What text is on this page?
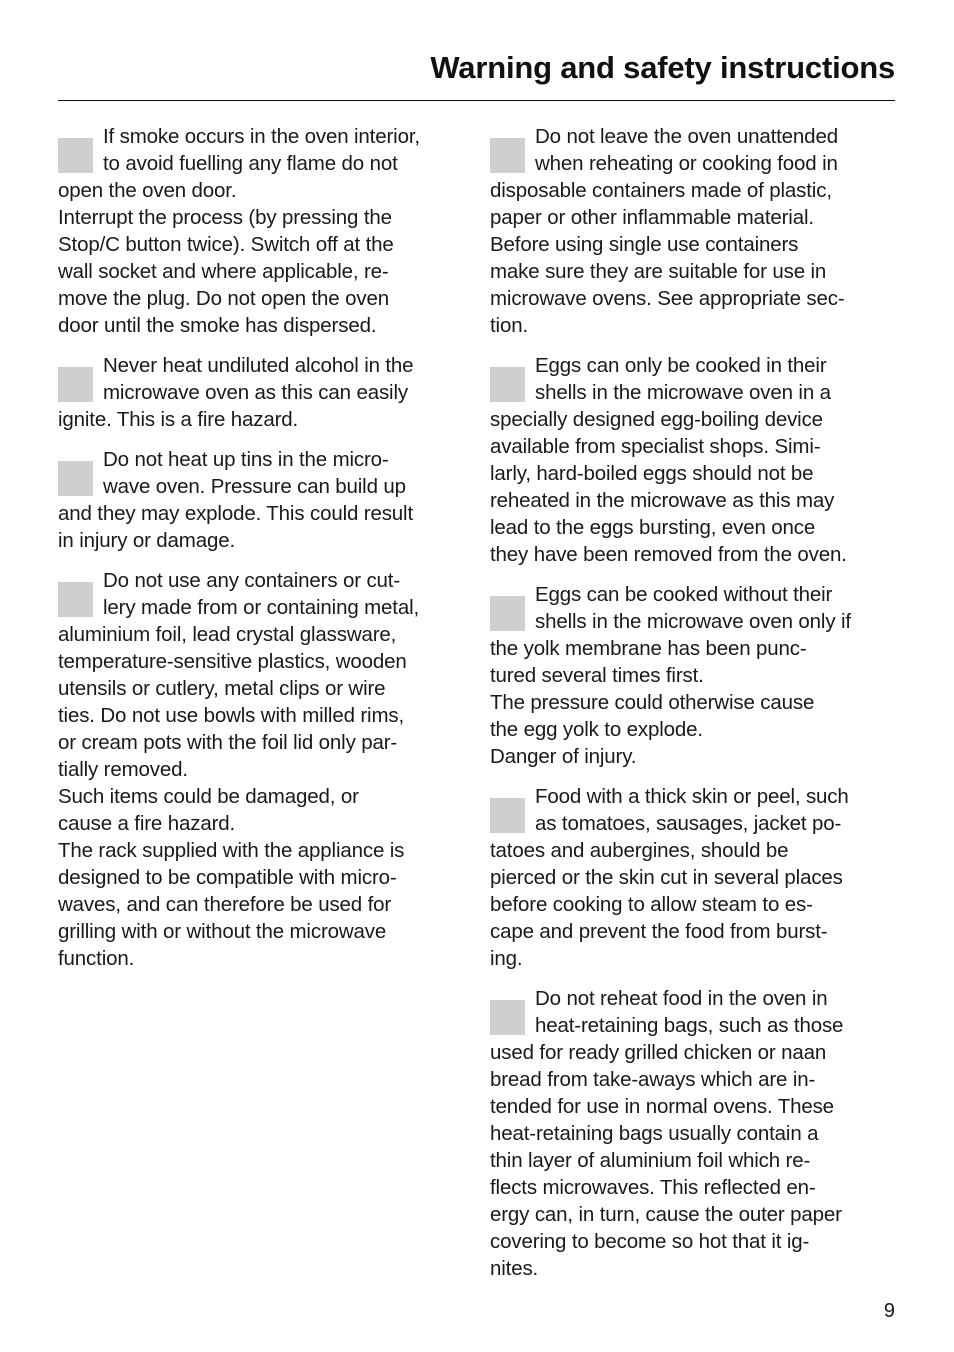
Warning and safety instructions
If smoke occurs in the oven interior,
to avoid fuelling any flame do not
open the oven door.
Interrupt the process (by pressing the
Stop/C button twice). Switch off at the
wall socket and where applicable, re-
move the plug. Do not open the oven
door until the smoke has dispersed.
Never heat undiluted alcohol in the
microwave oven as this can easily
ignite. This is a fire hazard.
Do not heat up tins in the micro-
wave oven. Pressure can build up
and they may explode. This could result
in injury or damage.
Do not use any containers or cut-
lery made from or containing metal,
aluminium foil, lead crystal glassware,
temperature-sensitive plastics, wooden
utensils or cutlery, metal clips or wire
ties. Do not use bowls with milled rims,
or cream pots with the foil lid only par-
tially removed.
Such items could be damaged, or
cause a fire hazard.
The rack supplied with the appliance is
designed to be compatible with micro-
waves, and can therefore be used for
grilling with or without the microwave
function.
Do not leave the oven unattended
when reheating or cooking food in
disposable containers made of plastic,
paper or other inflammable material.
Before using single use containers
make sure they are suitable for use in
microwave ovens. See appropriate sec-
tion.
Eggs can only be cooked in their
shells in the microwave oven in a
specially designed egg-boiling device
available from specialist shops. Simi-
larly, hard-boiled eggs should not be
reheated in the microwave as this may
lead to the eggs bursting, even once
they have been removed from the oven.
Eggs can be cooked without their
shells in the microwave oven only if
the yolk membrane has been punc-
tured several times first.
The pressure could otherwise cause
the egg yolk to explode.
Danger of injury.
Food with a thick skin or peel, such
as tomatoes, sausages, jacket po-
tatoes and aubergines, should be
pierced or the skin cut in several places
before cooking to allow steam to es-
cape and prevent the food from burst-
ing.
Do not reheat food in the oven in
heat-retaining bags, such as those
used for ready grilled chicken or naan
bread from take-aways which are in-
tended for use in normal ovens. These
heat-retaining bags usually contain a
thin layer of aluminium foil which re-
flects microwaves. This reflected en-
ergy can, in turn, cause the outer paper
covering to become so hot that it ig-
nites.
9
